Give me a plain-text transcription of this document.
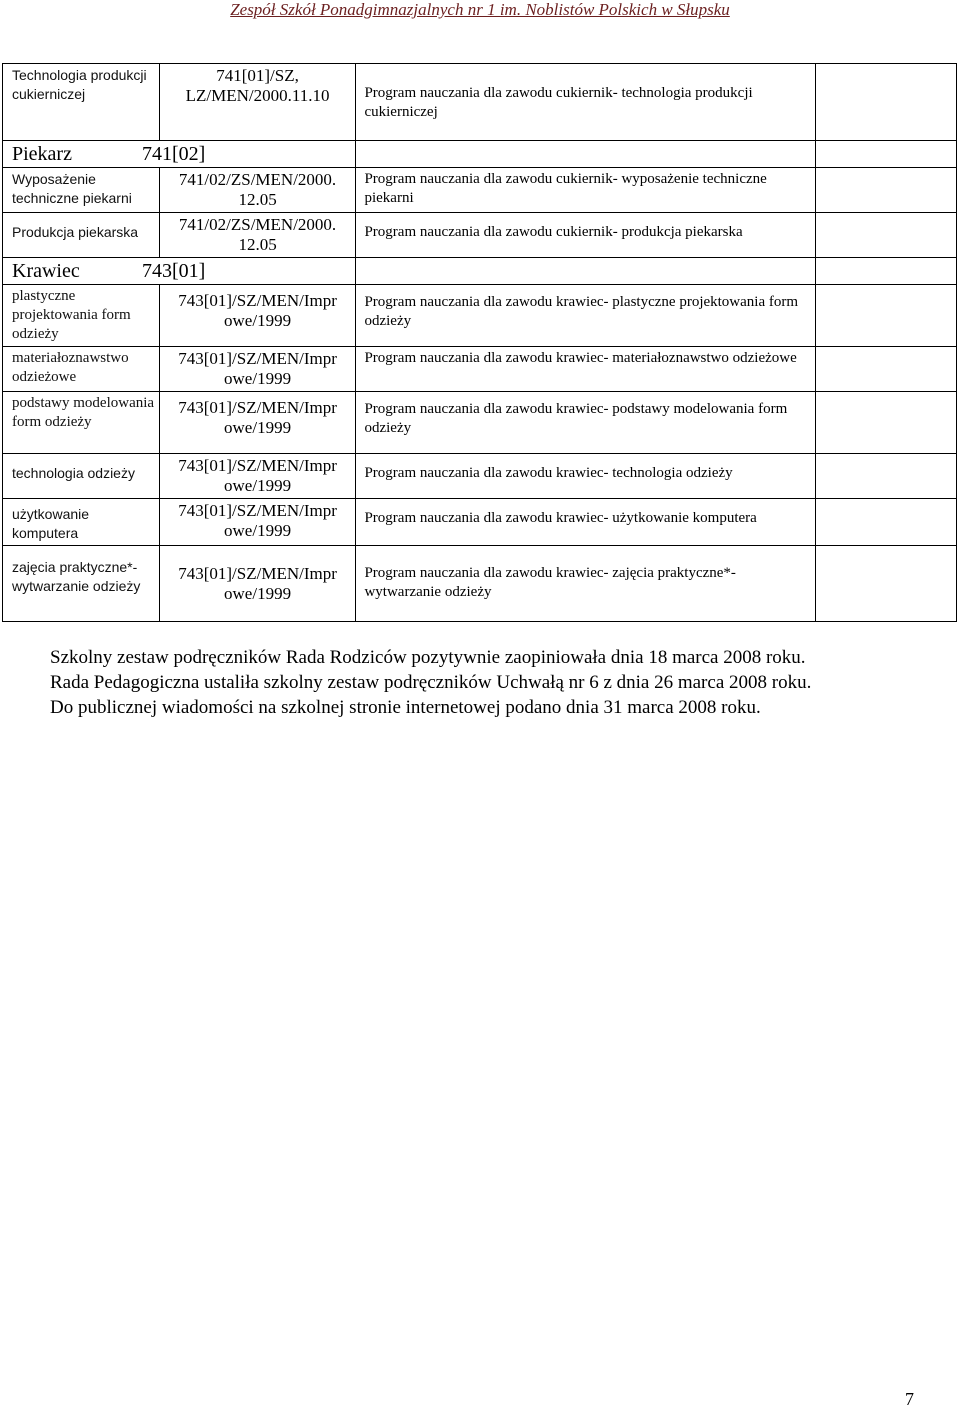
Zespół Szkół Ponadgimnazjalnych nr 1 im. Noblistów Polskich w Słupsku
Technologia produkcji cukierniczej	741[01]/SZ, LZ/MEN/2000.11.10	Program nauczania dla zawodu cukiernik- technologia produkcji cukierniczej	
Piekarz 741[02]			
Wyposażenie techniczne piekarni	741/02/ZS/MEN/2000. 12.05	Program nauczania dla zawodu cukiernik- wyposażenie techniczne piekarni	
Produkcja piekarska	741/02/ZS/MEN/2000. 12.05	Program nauczania dla zawodu cukiernik- produkcja piekarska	
Krawiec 743[01]			
plastyczne projektowania form odzieży	743[01]/SZ/MEN/Impr owe/1999	Program nauczania dla zawodu krawiec- plastyczne projektowania form odzieży	
materiałoznawstwo odzieżowe	743[01]/SZ/MEN/Impr owe/1999	Program nauczania dla zawodu krawiec- materiałoznawstwo odzieżowe	
podstawy modelowania form odzieży	743[01]/SZ/MEN/Impr owe/1999	Program nauczania dla zawodu krawiec- podstawy modelowania form odzieży	
technologia odzieży	743[01]/SZ/MEN/Impr owe/1999	Program nauczania dla zawodu krawiec- technologia odzieży	
użytkowanie komputera	743[01]/SZ/MEN/Impr owe/1999	Program nauczania dla zawodu krawiec- użytkowanie komputera	
zajęcia praktyczne*- wytwarzanie odzieży	743[01]/SZ/MEN/Impr owe/1999	Program nauczania dla zawodu krawiec- zajęcia praktyczne*- wytwarzanie odzieży	

Szkolny zestaw podręczników Rada Rodziców pozytywnie zaopiniowała dnia 18 marca 2008 roku.

Rada Pedagogiczna ustaliła szkolny zestaw podręczników Uchwałą nr 6 z dnia 26 marca 2008 roku.

Do publicznej wiadomości na szkolnej stronie internetowej podano dnia 31 marca 2008 roku.

7
